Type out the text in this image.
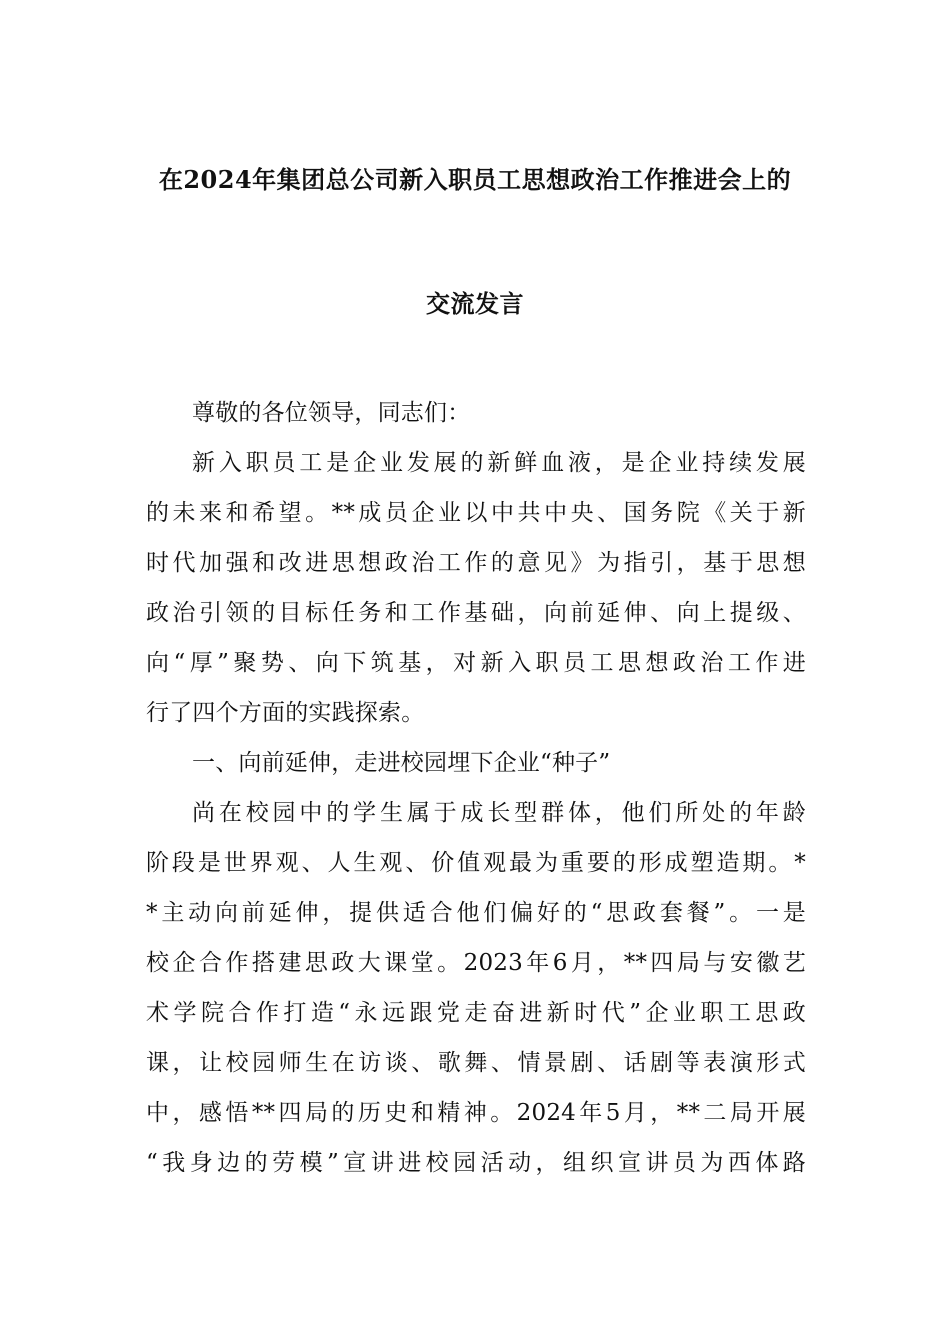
在2024年集团总公司新入职员工思想政治工作推进会上的
交流发言
尊敬的各位领导，同志们：
新入职员工是企业发展的新鲜血液，是企业持续发展
的未来和希望。**成员企业以中共中央、国务院《关于新
时代加强和改进思想政治工作的意见》为指引，基于思想
政治引领的目标任务和工作基础，向前延伸、向上提级、
向“厚”聚势、向下筑基，对新入职员工思想政治工作进
行了四个方面的实践探索。
一、向前延伸，走进校园埋下企业“种子”
尚在校园中的学生属于成长型群体，他们所处的年龄
阶段是世界观、人生观、价值观最为重要的形成塑造期。*
*主动向前延伸，提供适合他们偏好的“思政套餐”。一是
校企合作搭建思政大课堂。2023年6月，**四局与安徽艺
术学院合作打造“永远跟党走奋进新时代”企业职工思政
课，让校园师生在访谈、歌舞、情景剧、话剧等表演形式
中，感悟**四局的历史和精神。2024年5月，**二局开展
“我身边的劳模”宣讲进校园活动，组织宣讲员为西体路
